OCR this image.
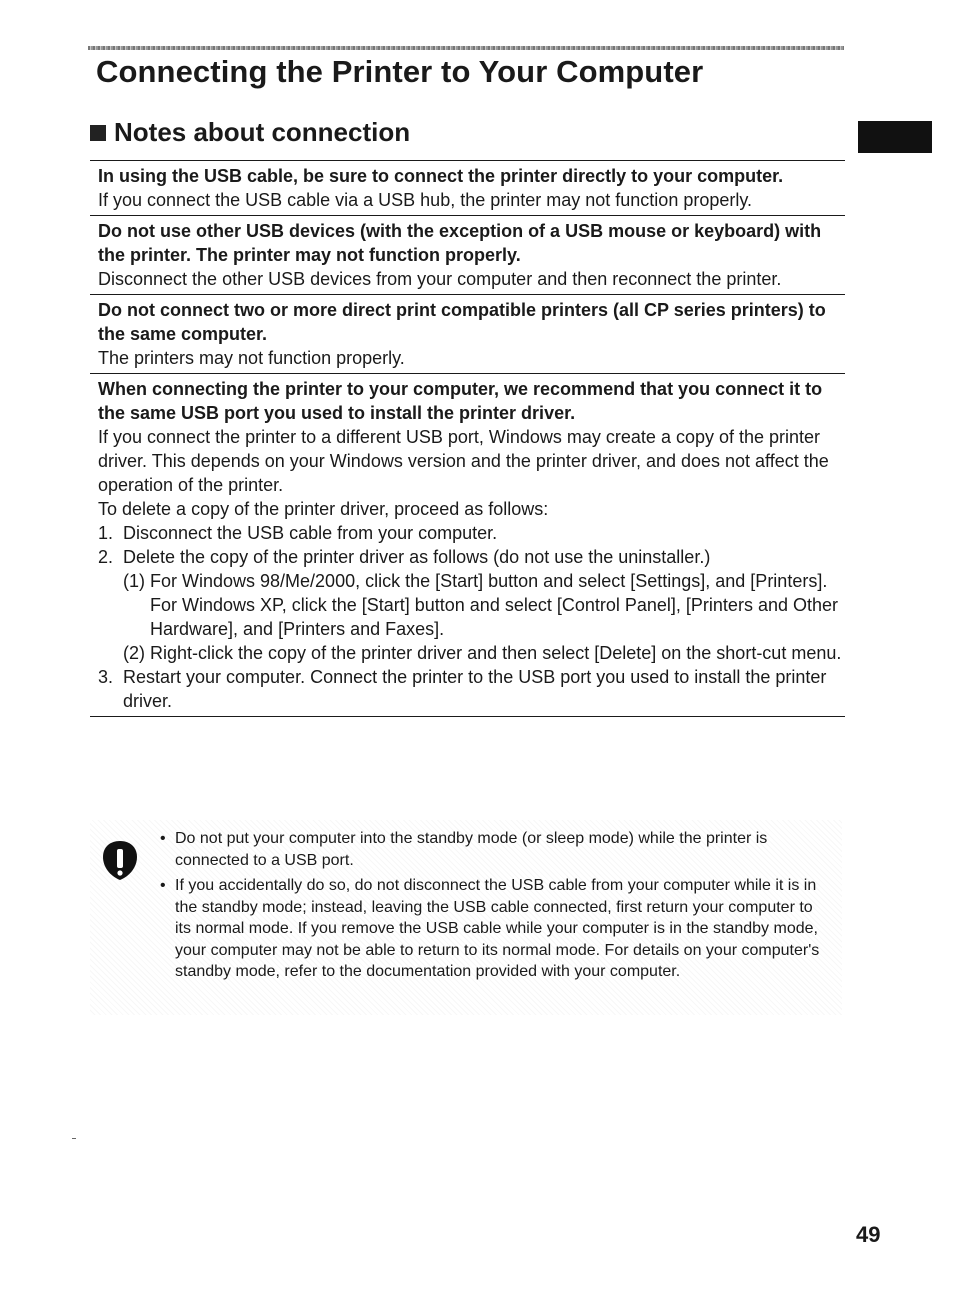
Connecting the Printer to Your Computer
Notes about connection

In using the USB cable, be sure to connect the printer directly to your computer.

If you connect the USB cable via a USB hub, the printer may not function properly.

Do not use other USB devices (with the exception of a USB mouse or keyboard) with the printer. The printer may not function properly.

Disconnect the other USB devices from your computer and then reconnect the printer.

Do not connect two or more direct print compatible printers (all CP series printers) to the same computer.

The printers may not function properly.

When connecting the printer to your computer, we recommend that you connect it to the same USB port you used to install the printer driver.

If you connect the printer to a different USB port, Windows may create a copy of the printer driver. This depends on your Windows version and the printer driver, and does not affect the operation of the printer.

To delete a copy of the printer driver, proceed as follows:

1. Disconnect the USB cable from your computer.
2. Delete the copy of the printer driver as follows (do not use the uninstaller.)
(1) For Windows 98/Me/2000, click the [Start] button and select [Settings], and [Printers].
For Windows XP, click the [Start] button and select [Control Panel], [Printers and Other Hardware], and [Printers and Faxes].
(2) Right-click the copy of the printer driver and then select [Delete] on the short-cut menu.
3. Restart your computer. Connect the printer to the USB port you used to install the printer driver.
• Do not put your computer into the standby mode (or sleep mode) while the printer is connected to a USB port.
• If you accidentally do so, do not disconnect the USB cable from your computer while it is in the standby mode; instead, leaving the USB cable connected, first return your computer to its normal mode. If you remove the USB cable while your computer is in the standby mode, your computer may not be able to return to its normal mode. For details on your computer's standby mode, refer to the documentation provided with your computer.

49
